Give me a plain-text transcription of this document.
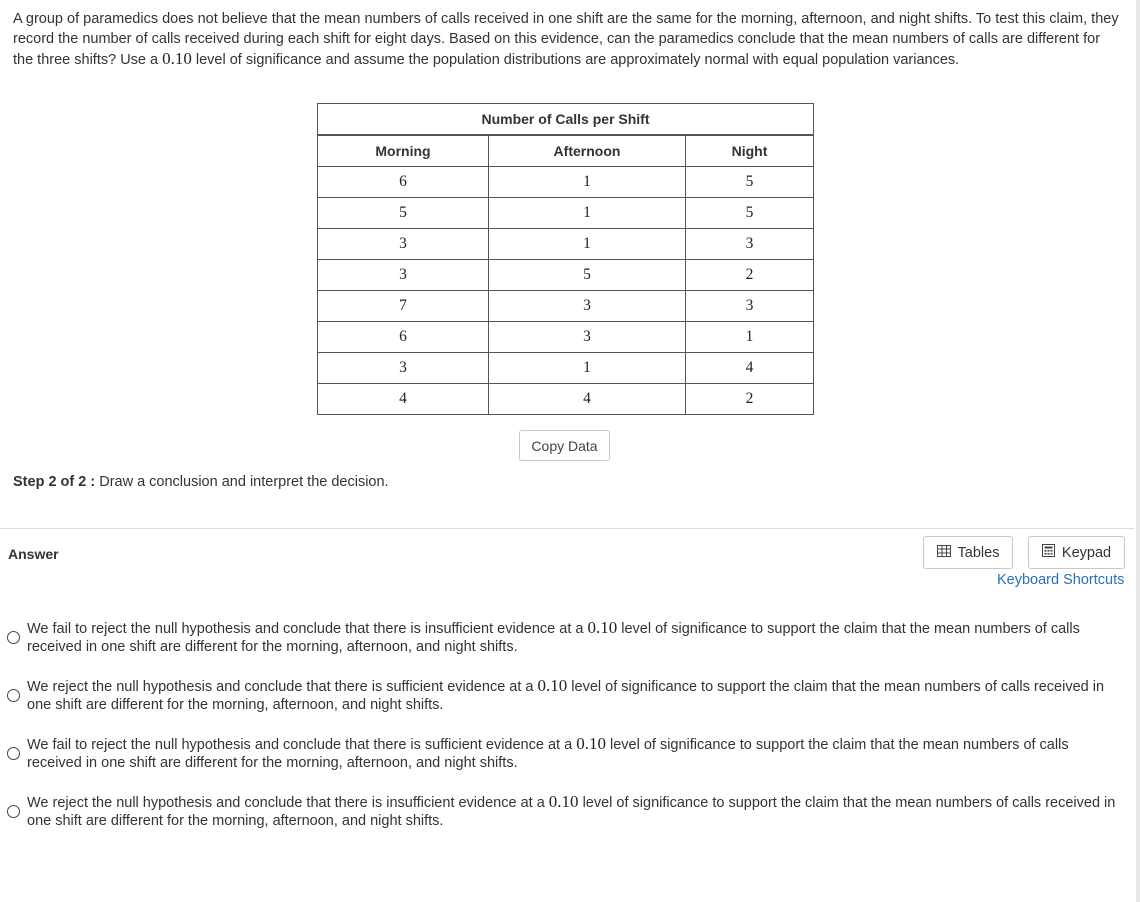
A group of paramedics does not believe that the mean numbers of calls received in one shift are the same for the morning, afternoon, and night shifts. To test this claim, they record the number of calls received during each shift for eight days. Based on this evidence, can the paramedics conclude that the mean numbers of calls are different for the three shifts? Use a 0.10 level of significance and assume the population distributions are approximately normal with equal population variances.

Number of Calls per Shift		
Morning	Afternoon	Night
6	1	5
5	1	5
3	1	3
3	5	2
7	3	3
6	3	1
3	1	4
4	4	2
Copy Data

Step 2 of 2 : Draw a conclusion and interpret the decision.

Answer	Tables	Keypad
Keyboard Shortcuts

We fail to reject the null hypothesis and conclude that there is insufficient evidence at a 0.10 level of significance to support the claim that the mean numbers of calls received in one shift are different for the morning, afternoon, and night shifts.

We reject the null hypothesis and conclude that there is sufficient evidence at a 0.10 level of significance to support the claim that the mean numbers of calls received in one shift are different for the morning, afternoon, and night shifts.

We fail to reject the null hypothesis and conclude that there is sufficient evidence at a 0.10 level of significance to support the claim that the mean numbers of calls received in one shift are different for the morning, afternoon, and night shifts.

We reject the null hypothesis and conclude that there is insufficient evidence at a 0.10 level of significance to support the claim that the mean numbers of calls received in one shift are different for the morning, afternoon, and night shifts.
